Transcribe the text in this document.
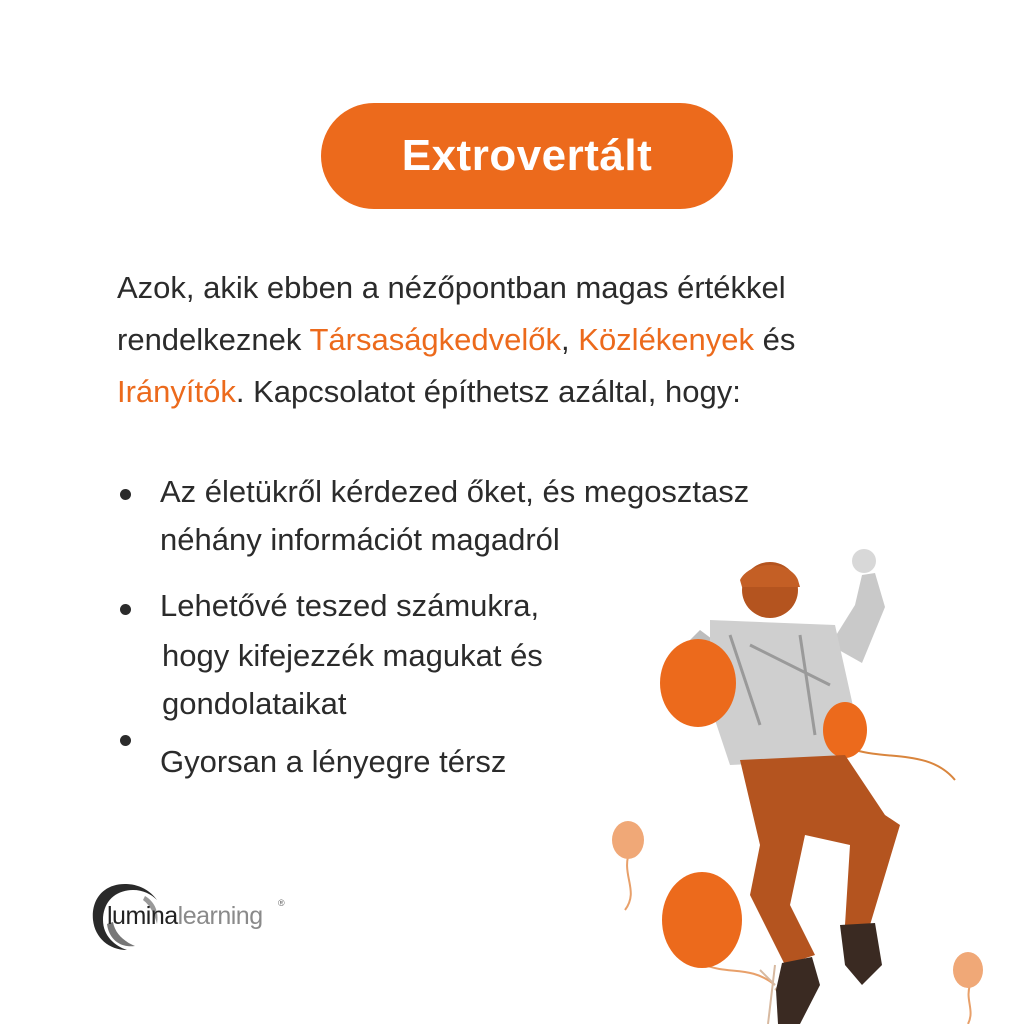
Extrovertált
Azok, akik ebben a nézőpontban magas értékkel rendelkeznek Társaságkedvelők, Közlékenyek és Irányítók. Kapcsolatot építhetsz azáltal, hogy:
Az életükről kérdezed őket, és megosztasz
néhány információt magadról
Lehetővé teszed számukra,
hogy kifejezzék magukat és
gondolataikat
Gyorsan a lényegre térsz
luminalearning ®
